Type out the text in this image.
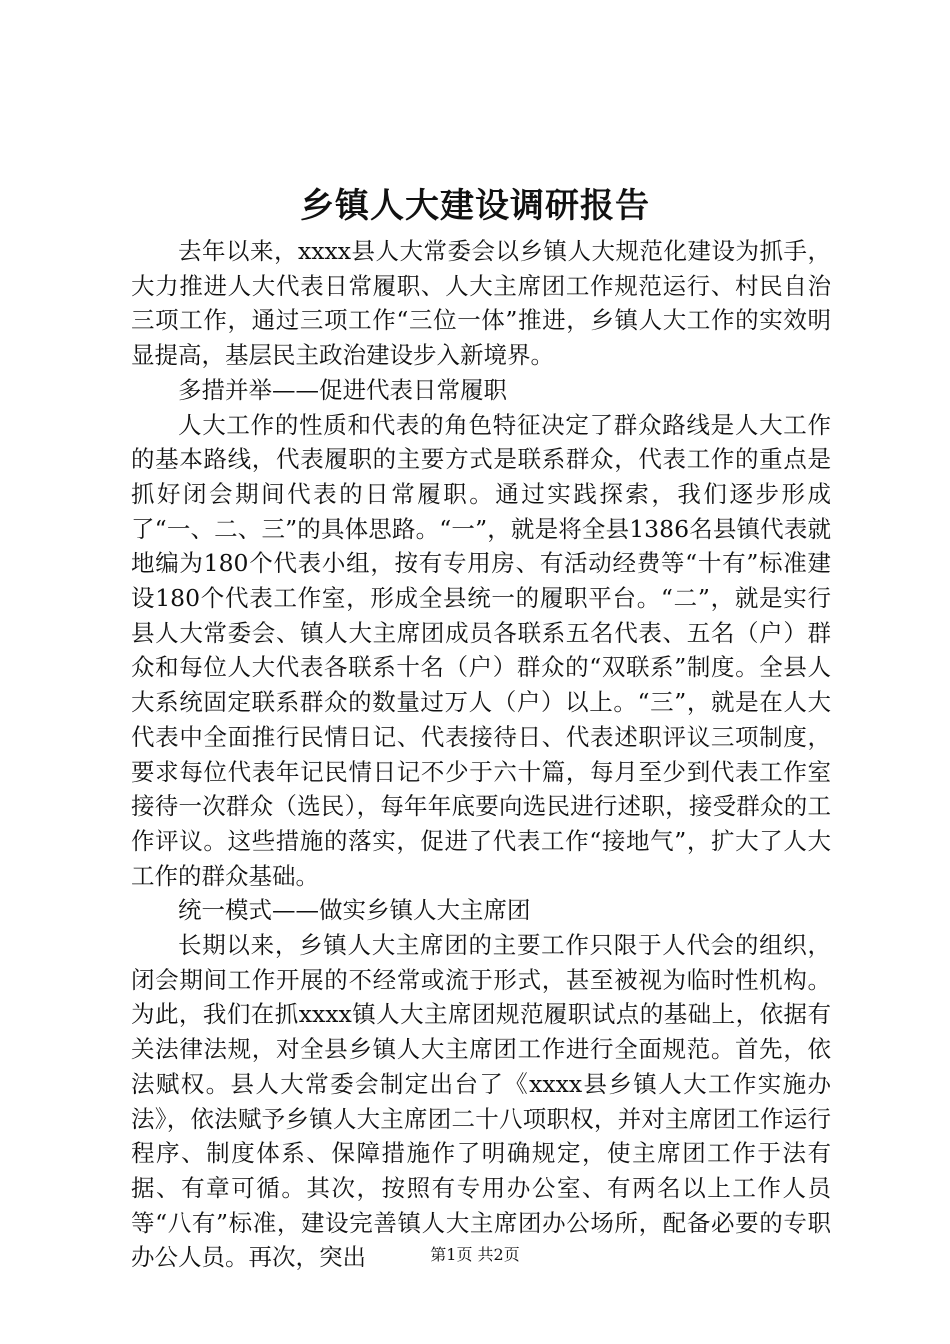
乡镇人大建设调研报告

去年以来，xxxx县人大常委会以乡镇人大规范化建设为抓手，大力推进人大代表日常履职、人大主席团工作规范运行、村民自治三项工作，通过三项工作“三位一体”推进，乡镇人大工作的实效明显提高，基层民主政治建设步入新境界。

多措并举——促进代表日常履职

人大工作的性质和代表的角色特征决定了群众路线是人大工作的基本路线，代表履职的主要方式是联系群众，代表工作的重点是抓好闭会期间代表的日常履职。通过实践探索，我们逐步形成了“一、二、三”的具体思路。“一”，就是将全县1386名县镇代表就地编为180个代表小组，按有专用房、有活动经费等“十有”标准建设180个代表工作室，形成全县统一的履职平台。“二”，就是实行县人大常委会、镇人大主席团成员各联系五名代表、五名（户）群众和每位人大代表各联系十名（户）群众的“双联系”制度。全县人大系统固定联系群众的数量过万人（户）以上。“三”，就是在人大代表中全面推行民情日记、代表接待日、代表述职评议三项制度，要求每位代表年记民情日记不少于六十篇，每月至少到代表工作室接待一次群众（选民），每年年底要向选民进行述职，接受群众的工作评议。这些措施的落实，促进了代表工作“接地气”，扩大了人大工作的群众基础。

统一模式——做实乡镇人大主席团

长期以来，乡镇人大主席团的主要工作只限于人代会的组织，闭会期间工作开展的不经常或流于形式，甚至被视为临时性机构。为此，我们在抓xxxx镇人大主席团规范履职试点的基础上，依据有关法律法规，对全县乡镇人大主席团工作进行全面规范。首先，依法赋权。县人大常委会制定出台了《xxxx县乡镇人大工作实施办法》，依法赋予乡镇人大主席团二十八项职权，并对主席团工作运行程序、制度体系、保障措施作了明确规定，使主席团工作于法有据、有章可循。其次，按照有专用办公室、有两名以上工作人员等“八有”标准，建设完善镇人大主席团办公场所，配备必要的专职办公人员。再次，突出	第1页 共2页
